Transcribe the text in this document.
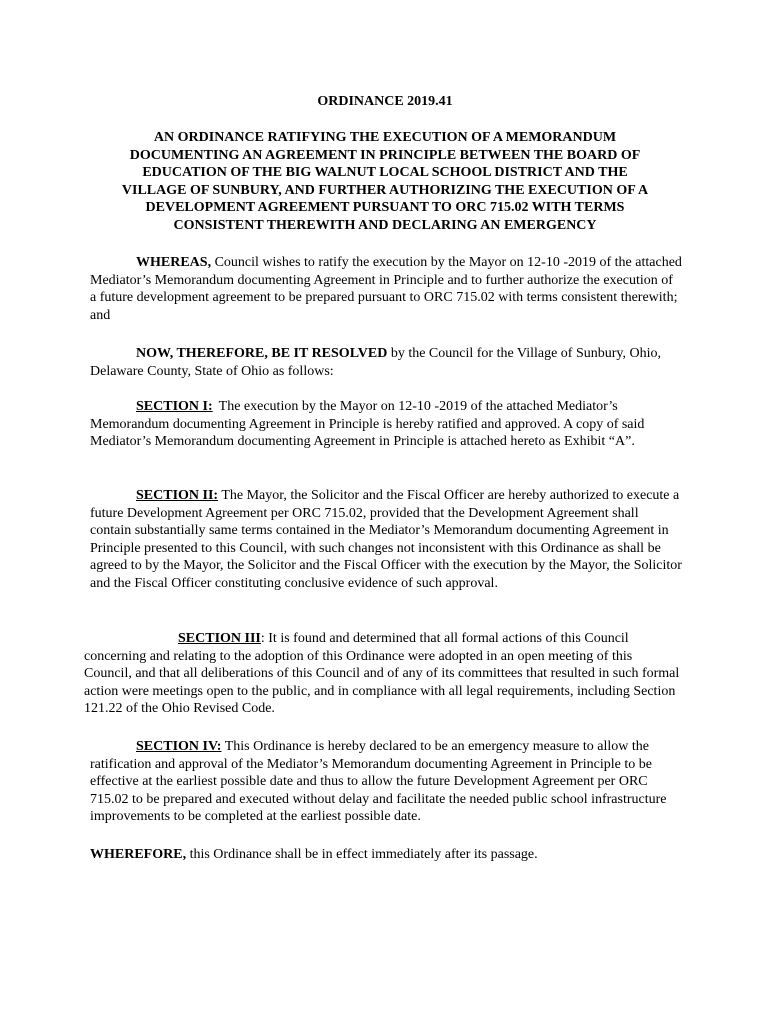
ORDINANCE 2019.41
AN ORDINANCE RATIFYING THE EXECUTION OF A MEMORANDUM
DOCUMENTING AN AGREEMENT IN PRINCIPLE BETWEEN THE BOARD OF
EDUCATION OF THE BIG WALNUT LOCAL SCHOOL DISTRICT AND THE
VILLAGE OF SUNBURY, AND FURTHER AUTHORIZING THE EXECUTION OF A
DEVELOPMENT AGREEMENT PURSUANT TO ORC 715.02 WITH TERMS
CONSISTENT THEREWITH AND DECLARING AN EMERGENCY

WHEREAS, Council wishes to ratify the execution by the Mayor on 12-10 -2019 of the attached Mediator’s Memorandum documenting Agreement in Principle and to further authorize the execution of a future development agreement to be prepared pursuant to ORC 715.02 with terms consistent therewith; and

NOW, THEREFORE, BE IT RESOLVED by the Council for the Village of Sunbury, Ohio, Delaware County, State of Ohio as follows:

SECTION I: The execution by the Mayor on 12-10 -2019 of the attached Mediator’s Memorandum documenting Agreement in Principle is hereby ratified and approved. A copy of said Mediator’s Memorandum documenting Agreement in Principle is attached hereto as Exhibit “A”.

SECTION II: The Mayor, the Solicitor and the Fiscal Officer are hereby authorized to execute a future Development Agreement per ORC 715.02, provided that the Development Agreement shall contain substantially same terms contained in the Mediator’s Memorandum documenting Agreement in Principle presented to this Council, with such changes not inconsistent with this Ordinance as shall be agreed to by the Mayor, the Solicitor and the Fiscal Officer with the execution by the Mayor, the Solicitor and the Fiscal Officer constituting conclusive evidence of such approval.

SECTION III: It is found and determined that all formal actions of this Council concerning and relating to the adoption of this Ordinance were adopted in an open meeting of this Council, and that all deliberations of this Council and of any of its committees that resulted in such formal action were meetings open to the public, and in compliance with all legal requirements, including Section 121.22 of the Ohio Revised Code.

SECTION IV: This Ordinance is hereby declared to be an emergency measure to allow the ratification and approval of the Mediator’s Memorandum documenting Agreement in Principle to be effective at the earliest possible date and thus to allow the future Development Agreement per ORC 715.02 to be prepared and executed without delay and facilitate the needed public school infrastructure improvements to be completed at the earliest possible date.

WHEREFORE, this Ordinance shall be in effect immediately after its passage.
